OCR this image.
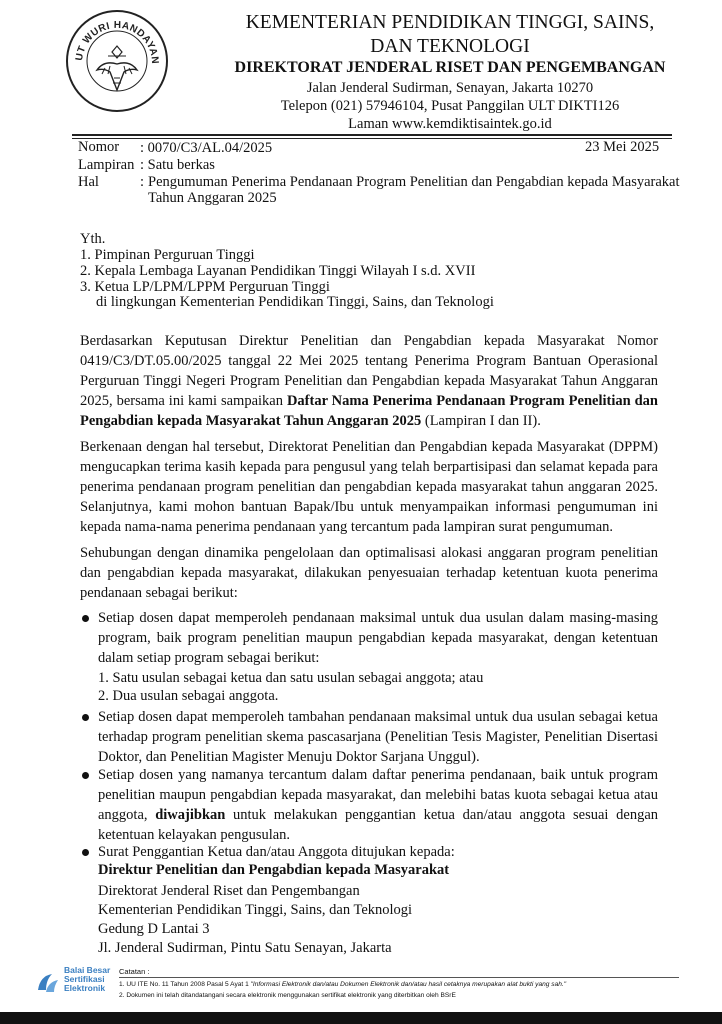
UT WURI HANDAYAN
KEMENTERIAN PENDIDIKAN TINGGI, SAINS,
DAN TEKNOLOGI
DIREKTORAT JENDERAL RISET DAN PENGEMBANGAN
Jalan Jenderal Sudirman, Senayan, Jakarta 10270
Telepon (021) 57946104, Pusat Panggilan ULT DIKTI126
Laman www.kemdiktisaintek.go.id
Nomor : 0070/C3/AL.04/2025	23 Mei 2025
Lampiran : Satu berkas
Hal	: Pengumuman Penerima Pendanaan Program Penelitian dan Pengabdian kepada Masyarakat
Tahun Anggaran 2025
Yth.
1. Pimpinan Perguruan Tinggi
2. Kepala Lembaga Layanan Pendidikan Tinggi Wilayah I s.d. XVII
3. Ketua LP/LPM/LPPM Perguruan Tinggi
di lingkungan Kementerian Pendidikan Tinggi, Sains, dan Teknologi
Berdasarkan Keputusan Direktur Penelitian dan Pengabdian kepada Masyarakat Nomor 0419/C3/DT.05.00/2025 tanggal 22 Mei 2025 tentang Penerima Program Bantuan Operasional Perguruan Tinggi Negeri Program Penelitian dan Pengabdian kepada Masyarakat Tahun Anggaran 2025, bersama ini kami sampaikan Daftar Nama Penerima Pendanaan Program Penelitian dan Pengabdian kepada Masyarakat Tahun Anggaran 2025 (Lampiran I dan II).
Berkenaan dengan hal tersebut, Direktorat Penelitian dan Pengabdian kepada Masyarakat (DPPM) mengucapkan terima kasih kepada para pengusul yang telah berpartisipasi dan selamat kepada para penerima pendanaan program penelitian dan pengabdian kepada masyarakat tahun anggaran 2025. Selanjutnya, kami mohon bantuan Bapak/Ibu untuk menyampaikan informasi pengumuman ini kepada nama-nama penerima pendanaan yang tercantum pada lampiran surat pengumuman.
Sehubungan dengan dinamika pengelolaan dan optimalisasi alokasi anggaran program penelitian dan pengabdian kepada masyarakat, dilakukan penyesuaian terhadap ketentuan kuota penerima pendanaan sebagai berikut:
Setiap dosen dapat memperoleh pendanaan maksimal untuk dua usulan dalam masing-masing program, baik program penelitian maupun pengabdian kepada masyarakat, dengan ketentuan dalam setiap program sebagai berikut:
1. Satu usulan sebagai ketua dan satu usulan sebagai anggota; atau
2. Dua usulan sebagai anggota.
Setiap dosen dapat memperoleh tambahan pendanaan maksimal untuk dua usulan sebagai ketua terhadap program penelitian skema pascasarjana (Penelitian Tesis Magister, Penelitian Disertasi Doktor, dan Penelitian Magister Menuju Doktor Sarjana Unggul).
Setiap dosen yang namanya tercantum dalam daftar penerima pendanaan, baik untuk program penelitian maupun pengabdian kepada masyarakat, dan melebihi batas kuota sebagai ketua atau anggota, diwajibkan untuk melakukan penggantian ketua dan/atau anggota sesuai dengan ketentuan kelayakan pengusulan.
Surat Penggantian Ketua dan/atau Anggota ditujukan kepada:
Direktur Penelitian dan Pengabdian kepada Masyarakat
Direktorat Jenderal Riset dan Pengembangan
Kementerian Pendidikan Tinggi, Sains, dan Teknologi
Gedung D Lantai 3
Jl. Jenderal Sudirman, Pintu Satu Senayan, Jakarta
Balai Besar
Sertifikasi
Elektronik
Catatan :
1. UU ITE No. 11 Tahun 2008 Pasal 5 Ayat 1 "Informasi Elektronik dan/atau Dokumen Elektronik dan/atau hasil cetaknya merupakan alat bukti yang sah."
2. Dokumen ini telah ditandatangani secara elektronik menggunakan sertifikat elektronik yang diterbitkan oleh BSrE
